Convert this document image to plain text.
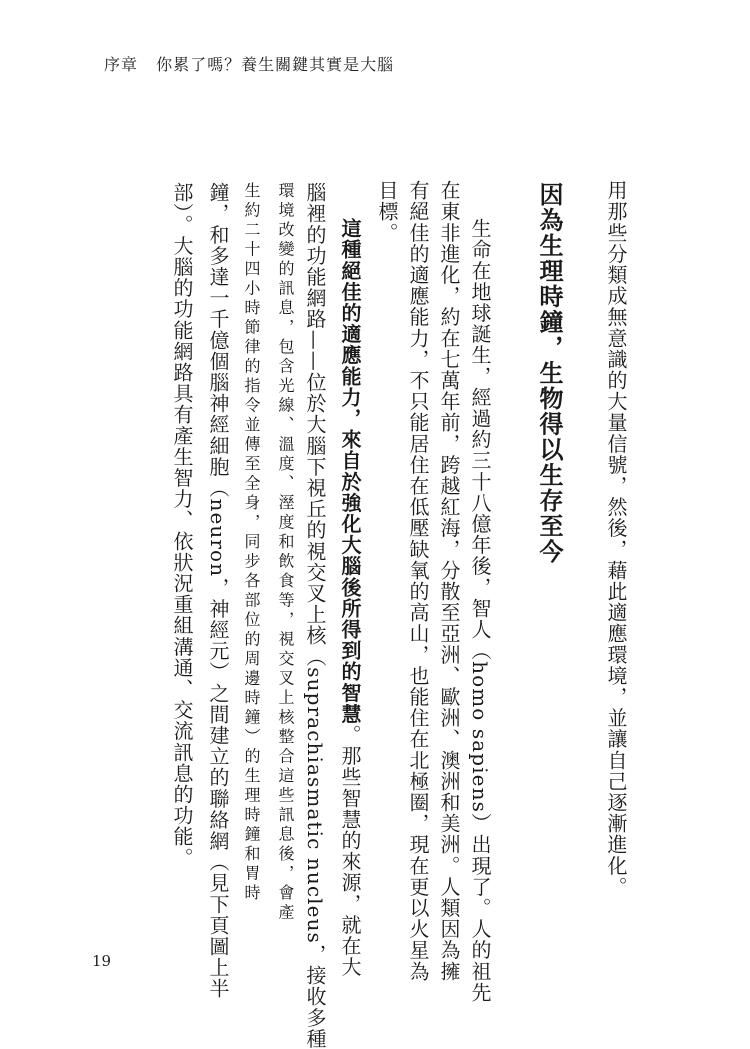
序章 你累了嗎？養生關鍵其實是大腦
用那些分類成無意識的大量信號，然後，藉此適應環境，並讓自己逐漸進化。
因為生理時鐘，生物得以生存至今
生命在地球誕生，經過約三十八億年後，智人（homo sapiens）出現了。人的祖先
在東非進化，約在七萬年前，跨越紅海，分散至亞洲、歐洲、澳洲和美洲。人類因為擁
有絕佳的適應能力，不只能居住在低壓缺氧的高山，也能住在北極圈，現在更以火星為
目標。
這種絕佳的適應能力，來自於強化大腦後所得到的智慧。那些智慧的來源，就在大
腦裡的功能網路——位於大腦下視丘的視交叉上核（suprachiasmatic nucleus，接收多種
環境改變的訊息，包含光線、溫度、溼度和飲食等，視交叉上核整合這些訊息後，會產
生約二十四小時節律的指令並傳至全身，同步各部位的周邊時鐘）的生理時鐘和胃時
鐘，和多達一千億個腦神經細胞（neuron，神經元）之間建立的聯絡網（見下頁圖上半
部）。大腦的功能網路具有產生智力、依狀況重組溝通、交流訊息的功能。
19
